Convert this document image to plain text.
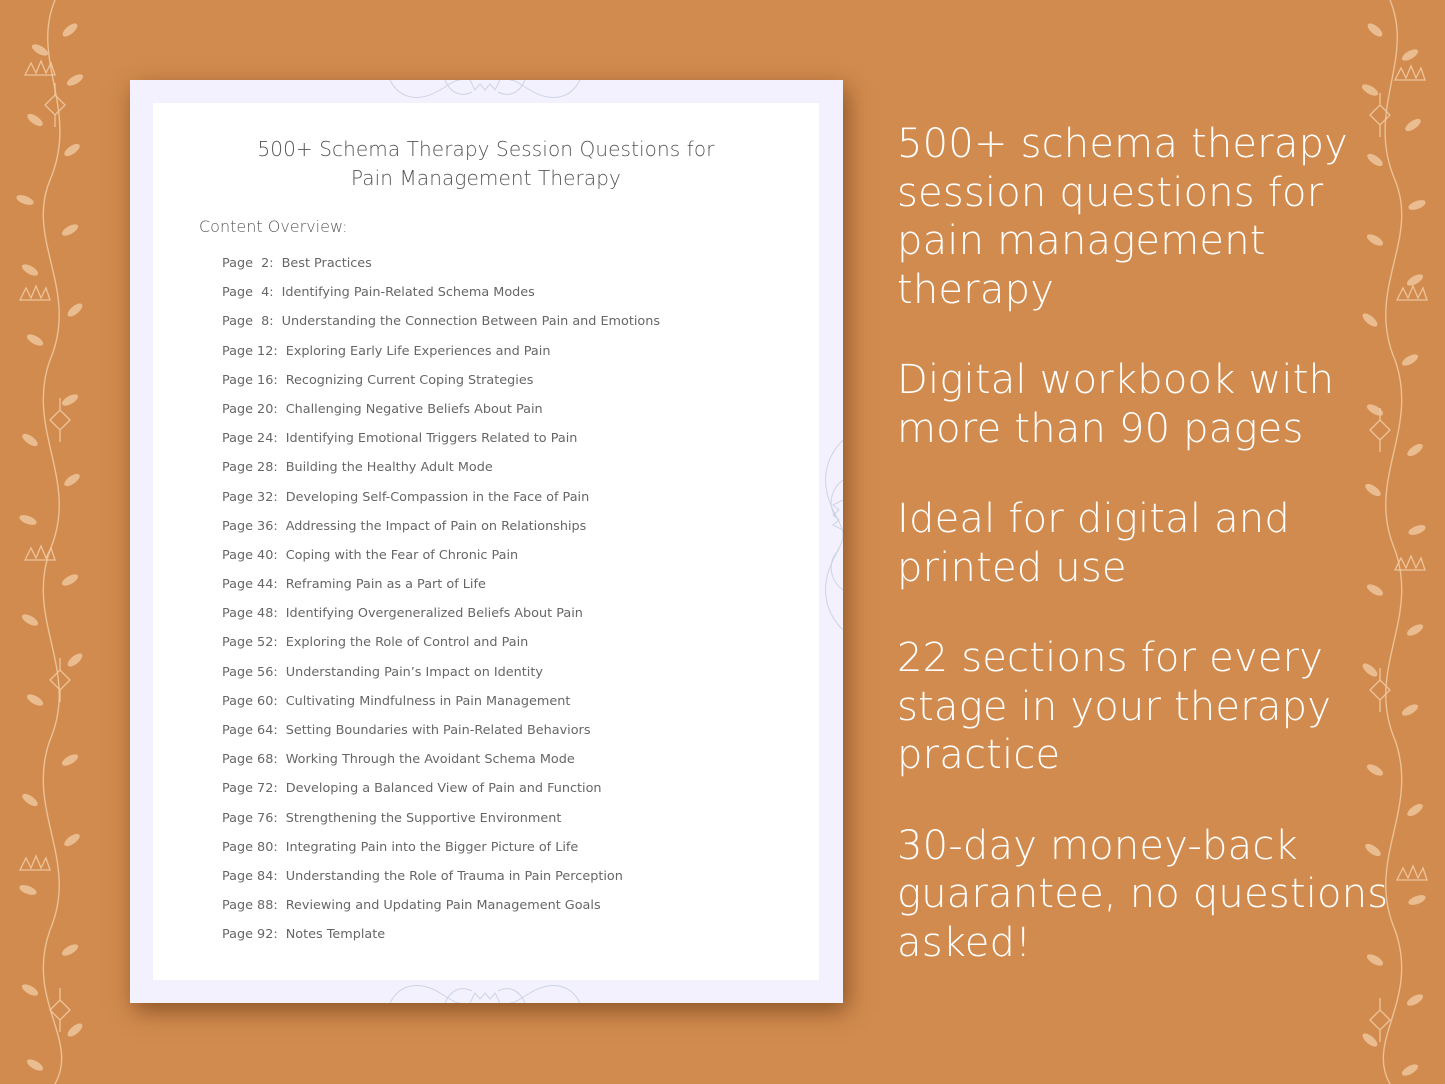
500+ Schema Therapy Session Questions for
Pain Management Therapy
Content Overview:
Page  2: Best Practices
Page  4: Identifying Pain-Related Schema Modes
Page  8: Understanding the Connection Between Pain and Emotions
Page 12: Exploring Early Life Experiences and Pain
Page 16: Recognizing Current Coping Strategies
Page 20: Challenging Negative Beliefs About Pain
Page 24: Identifying Emotional Triggers Related to Pain
Page 28: Building the Healthy Adult Mode
Page 32: Developing Self-Compassion in the Face of Pain
Page 36: Addressing the Impact of Pain on Relationships
Page 40: Coping with the Fear of Chronic Pain
Page 44: Reframing Pain as a Part of Life
Page 48: Identifying Overgeneralized Beliefs About Pain
Page 52: Exploring the Role of Control and Pain
Page 56: Understanding Pain’s Impact on Identity
Page 60: Cultivating Mindfulness in Pain Management
Page 64: Setting Boundaries with Pain-Related Behaviors
Page 68: Working Through the Avoidant Schema Mode
Page 72: Developing a Balanced View of Pain and Function
Page 76: Strengthening the Supportive Environment
Page 80: Integrating Pain into the Bigger Picture of Life
Page 84: Understanding the Role of Trauma in Pain Perception
Page 88: Reviewing and Updating Pain Management Goals
Page 92: Notes Template

500+ schema therapy session questions for pain management therapy

Digital workbook with more than 90 pages

Ideal for digital and printed use

22 sections for every stage in your therapy practice

30-day money-back guarantee, no questions asked!
